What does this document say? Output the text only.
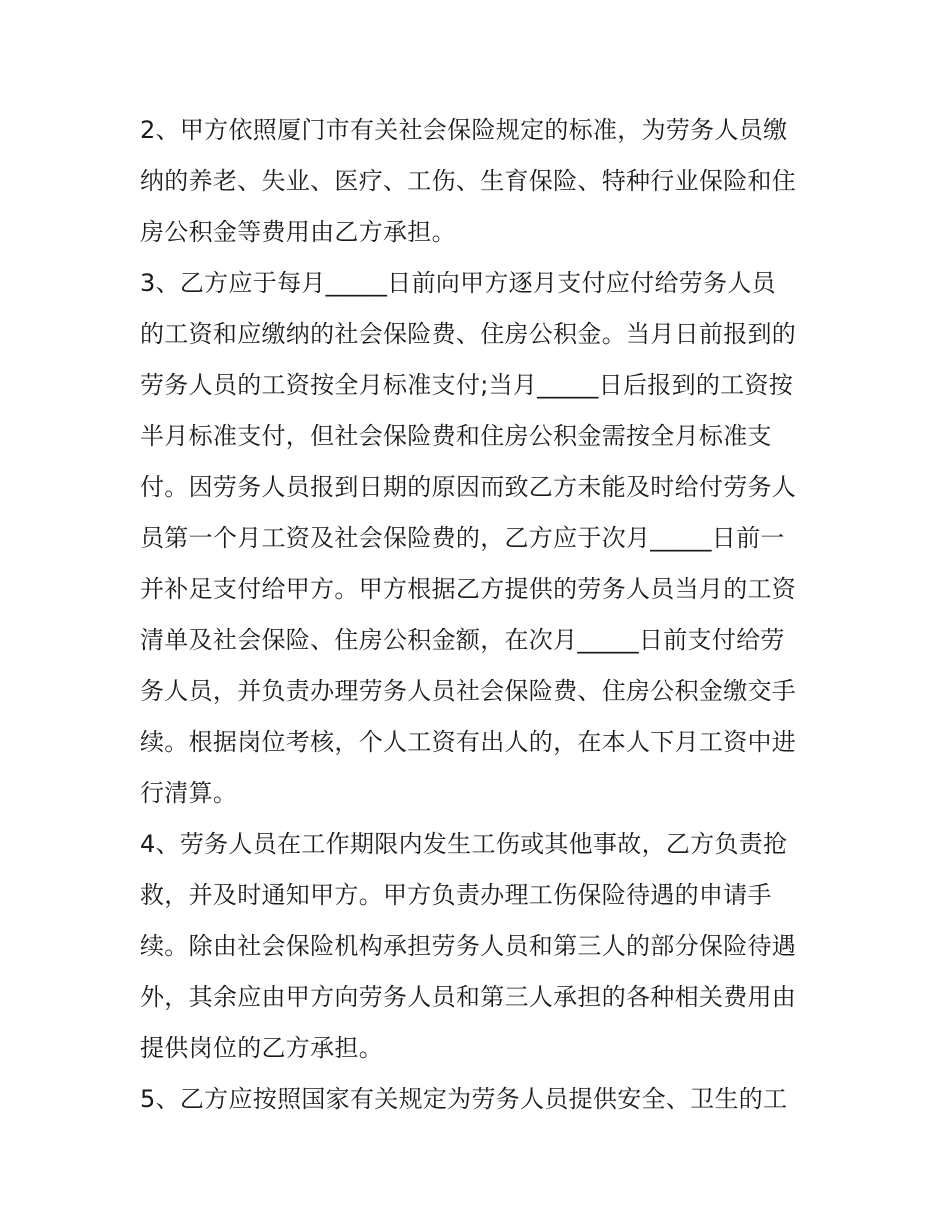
2、甲方依照厦门市有关社会保险规定的标准，为劳务人员缴
纳的养老、失业、医疗、工伤、生育保险、特种行业保险和住
房公积金等费用由乙方承担。
3、乙方应于每月_____日前向甲方逐月支付应付给劳务人员
的工资和应缴纳的社会保险费、住房公积金。当月日前报到的
劳务人员的工资按全月标准支付;当月_____日后报到的工资按
半月标准支付，但社会保险费和住房公积金需按全月标准支
付。因劳务人员报到日期的原因而致乙方未能及时给付劳务人
员第一个月工资及社会保险费的，乙方应于次月_____日前一
并补足支付给甲方。甲方根据乙方提供的劳务人员当月的工资
清单及社会保险、住房公积金额，在次月_____日前支付给劳
务人员，并负责办理劳务人员社会保险费、住房公积金缴交手
续。根据岗位考核，个人工资有出人的，在本人下月工资中进
行清算。
4、劳务人员在工作期限内发生工伤或其他事故，乙方负责抢
救，并及时通知甲方。甲方负责办理工伤保险待遇的申请手
续。除由社会保险机构承担劳务人员和第三人的部分保险待遇
外，其余应由甲方向劳务人员和第三人承担的各种相关费用由
提供岗位的乙方承担。
5、乙方应按照国家有关规定为劳务人员提供安全、卫生的工
